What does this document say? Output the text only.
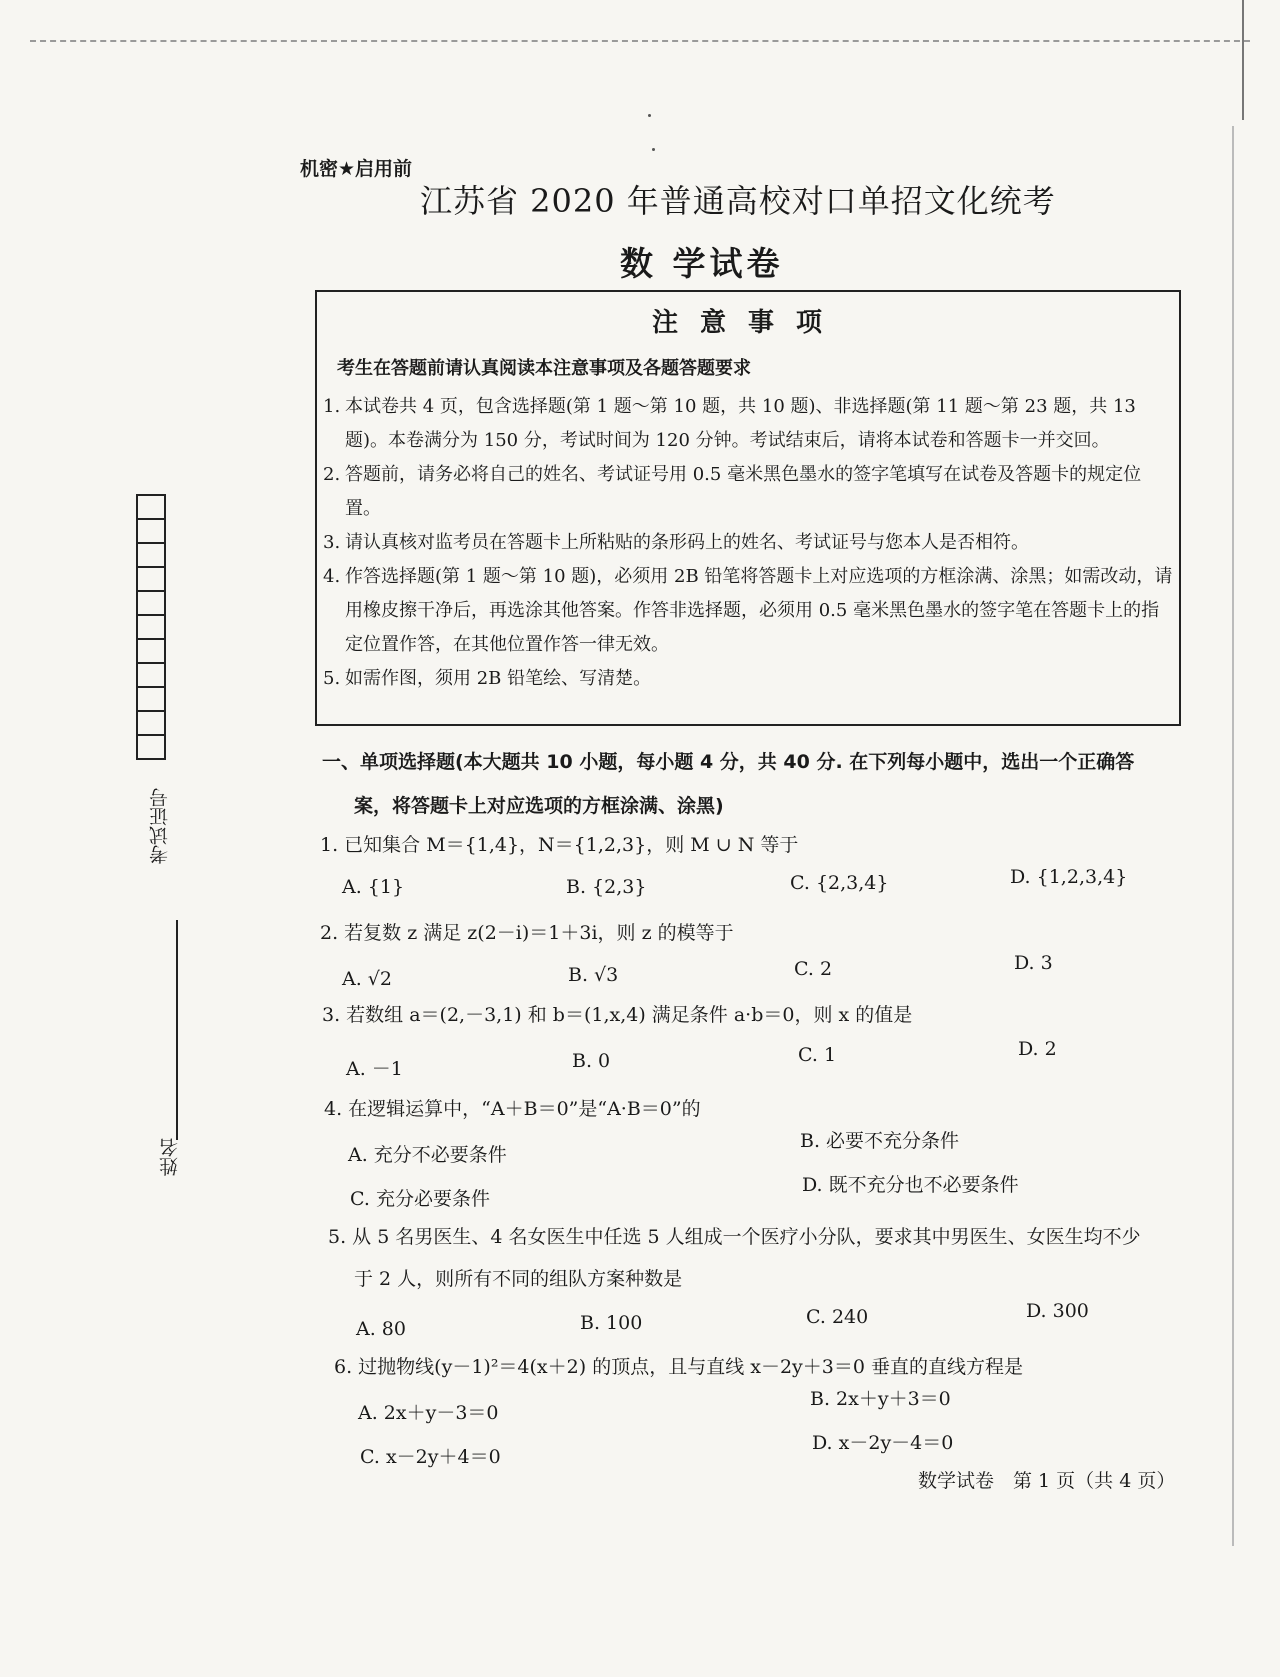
机密★启用前
江苏省 2020 年普通高校对口单招文化统考
数 学试卷
注意事项
考生在答题前请认真阅读本注意事项及各题答题要求
1. 本试卷共 4 页，包含选择题(第 1 题～第 10 题，共 10 题)、非选择题(第 11 题～第 23 题，共 13 题)。本卷满分为 150 分，考试时间为 120 分钟。考试结束后，请将本试卷和答题卡一并交回。
2. 答题前，请务必将自己的姓名、考试证号用 0.5 毫米黑色墨水的签字笔填写在试卷及答题卡的规定位置。
3. 请认真核对监考员在答题卡上所粘贴的条形码上的姓名、考试证号与您本人是否相符。
4. 作答选择题(第 1 题～第 10 题)，必须用 2B 铅笔将答题卡上对应选项的方框涂满、涂黑；如需改动，请用橡皮擦干净后，再选涂其他答案。作答非选择题，必须用 0.5 毫米黑色墨水的签字笔在答题卡上的指定位置作答，在其他位置作答一律无效。
5. 如需作图，须用 2B 铅笔绘、写清楚。
考试证号
姓名
一、单项选择题(本大题共 10 小题，每小题 4 分，共 40 分. 在下列每小题中，选出一个正确答
案，将答题卡上对应选项的方框涂满、涂黑)
1. 已知集合 M＝{1,4}，N＝{1,2,3}，则 M ∪ N 等于
A. {1}	B. {2,3}	C. {2,3,4}	D. {1,2,3,4}
2. 若复数 z 满足 z(2－i)＝1＋3i，则 z 的模等于
A. √2	B. √3	C. 2	D. 3
3. 若数组 a＝(2,－3,1) 和 b＝(1,x,4) 满足条件 a·b＝0，则 x 的值是
A. －1	B. 0	C. 1	D. 2
4. 在逻辑运算中，“A＋B＝0”是“A·B＝0”的
A. 充分不必要条件
B. 必要不充分条件
C. 充分必要条件
D. 既不充分也不必要条件
5. 从 5 名男医生、4 名女医生中任选 5 人组成一个医疗小分队，要求其中男医生、女医生均不少
于 2 人，则所有不同的组队方案种数是
A. 80	B. 100	C. 240	D. 300
6. 过抛物线(y－1)²＝4(x＋2) 的顶点，且与直线 x－2y＋3＝0 垂直的直线方程是
A. 2x＋y－3＝0
B. 2x＋y＋3＝0
C. x－2y＋4＝0
D. x－2y－4＝0
数学试卷　第 1 页（共 4 页）
